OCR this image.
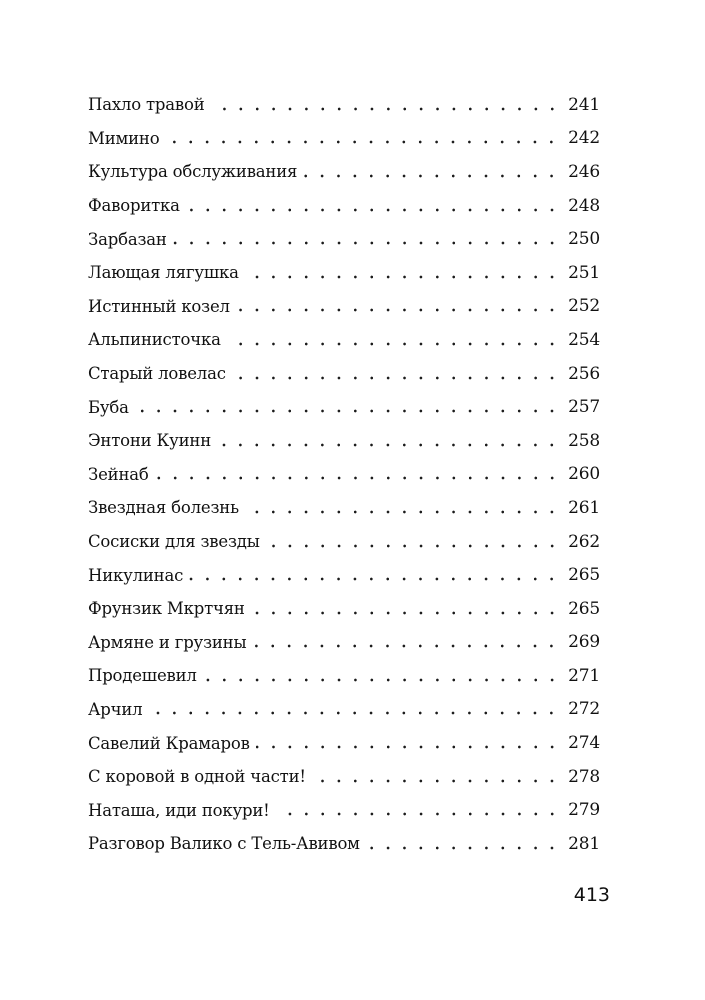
Пахло травой	241
Мимино	242
Культура обслуживания	246
Фаворитка	248
Зарбазан	250
Лающая лягушка	251
Истинный козел	252
Альпинисточка	254
Старый ловелас	256
Буба	257
Энтони Куинн	258
Зейнаб	260
Звездная болезнь	261
Сосиски для звезды	262
Никулинас	265
Фрунзик Мкртчян	265
Армяне и грузины	269
Продешевил	271
Арчил	272
Савелий Крамаров	274
С коровой в одной части!	278
Наташа, иди покури!	279
Разговор Валико с Тель-Авивом	281
413
